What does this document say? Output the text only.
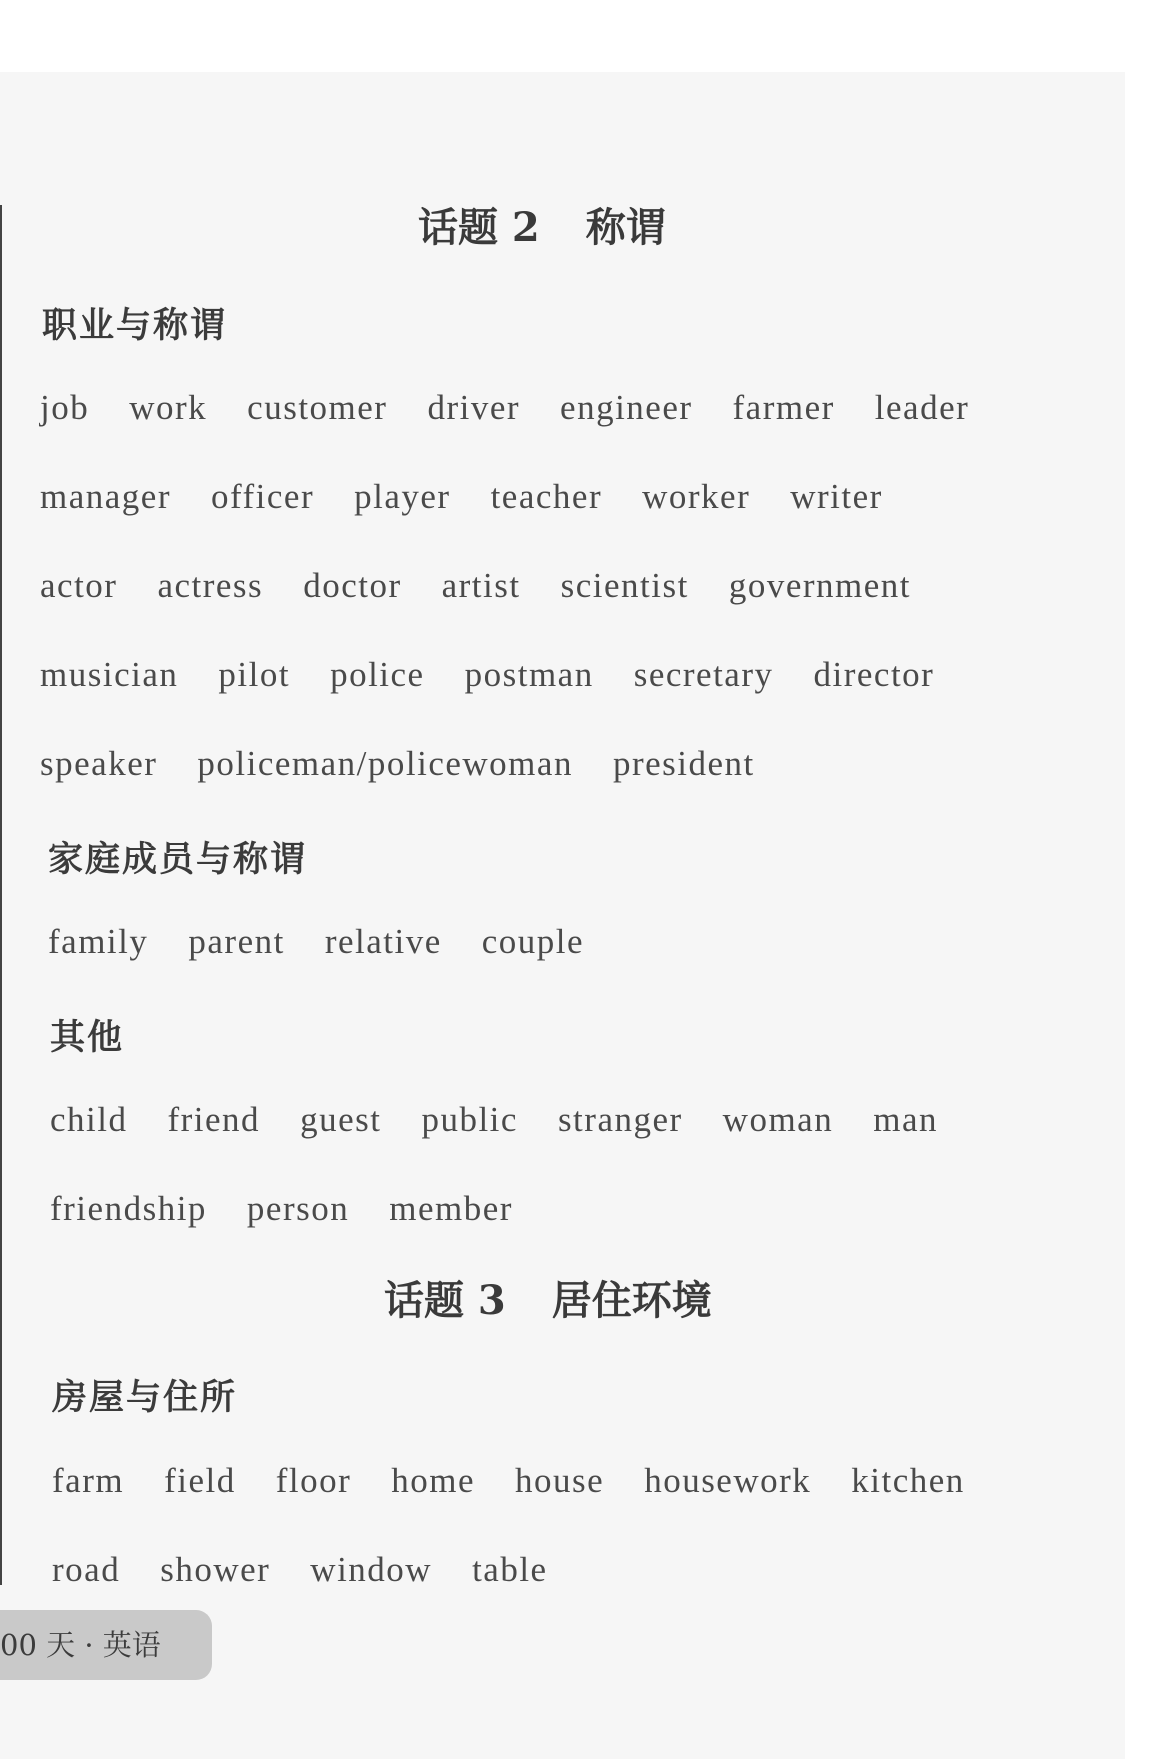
话题 2 称谓
职业与称谓
job work customer driver engineer farmer leader
manager officer player teacher worker writer
actor actress doctor artist scientist government
musician pilot police postman secretary director
speaker policeman/policewoman president
家庭成员与称谓
family parent relative couple
其他
child friend guest public stranger woman man
friendship person member
话题 3 居住环境
房屋与住所
farm field floor home house housework kitchen
road shower window table
00 天 · 英语
